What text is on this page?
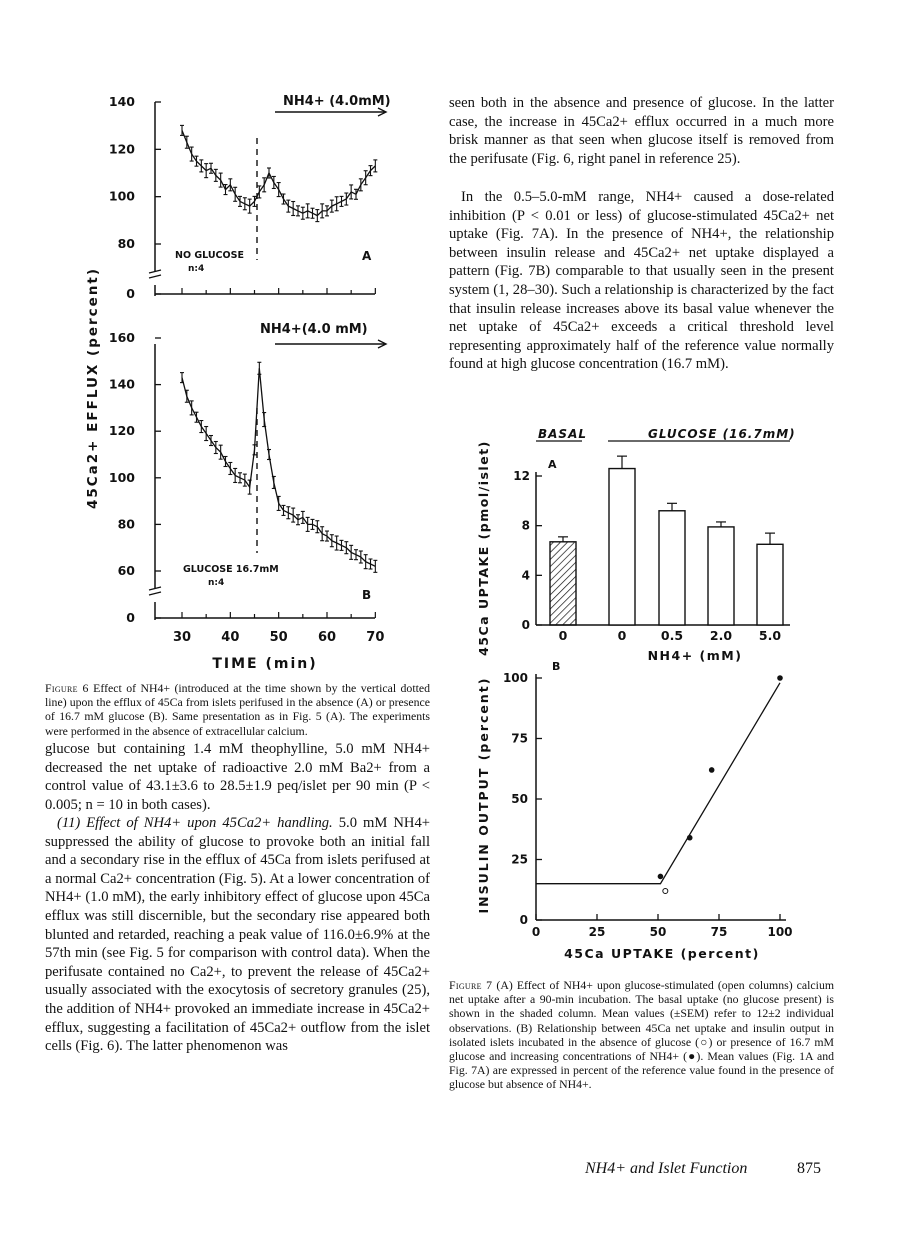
140
120
100
80
0
NH4+ (4.0mM)
NO GLUCOSE
n:4
A
160
140
120
100
80
60
0
30 40 50 60 70
NH4+(4.0 mM)
GLUCOSE 16.7mM
n:4
B
45Ca2+ EFFLUX (percent)
TIME (min)

Figure 6 Effect of NH4+ (introduced at the time shown by the vertical dotted line) upon the efflux of 45Ca from islets perifused in the absence (A) or presence of 16.7 mM glucose (B). Same presentation as in Fig. 5 (A). The experiments were performed in the absence of extracellular calcium.

glucose but containing 1.4 mM theophylline, 5.0 mM NH4+ decreased the net uptake of radioactive 2.0 mM Ba2+ from a control value of 43.1±3.6 to 28.5±1.9 peq/islet per 90 min (P < 0.005; n = 10 in both cases).

(11) Effect of NH4+ upon 45Ca2+ handling. 5.0 mM NH4+ suppressed the ability of glucose to provoke both an initial fall and a secondary rise in the efflux of 45Ca from islets perifused at a normal Ca2+ concentration (Fig. 5). At a lower concentration of NH4+ (1.0 mM), the early inhibitory effect of glucose upon 45Ca efflux was still discernible, but the secondary rise appeared both blunted and retarded, reaching a peak value of 116.0±6.9% at the 57th min (see Fig. 5 for comparison with control data). When the perifusate contained no Ca2+, to prevent the release of 45Ca2+ usually associated with the exocytosis of secretory granules (25), the addition of NH4+ provoked an immediate increase in 45Ca2+ efflux, suggesting a facilitation of 45Ca2+ outflow from the islet cells (Fig. 6). The latter phenomenon was

seen both in the absence and presence of glucose. In the latter case, the increase in 45Ca2+ efflux occurred in a much more brisk manner as that seen when glucose itself is removed from the perifusate (Fig. 6, right panel in reference 25).

In the 0.5–5.0-mM range, NH4+ caused a dose-related inhibition (P < 0.01 or less) of glucose-stimulated 45Ca2+ net uptake (Fig. 7A). In the presence of NH4+, the relationship between insulin release and 45Ca2+ net uptake displayed a pattern (Fig. 7B) comparable to that usually seen in the present system (1, 28–30). Such a relationship is characterized by the fact that insulin release increases above its basal value whenever the net uptake of 45Ca2+ exceeds a critical threshold level representing approximately half of the reference value normally found at high glucose concentration (16.7 mM).

BASAL	GLUCOSE (16.7mM)
A
12
8
4
0
0	0	0.5 2.0 5.0
45Ca UPTAKE (pmol/islet)	NH4+ (mM)
B
100
75
50
25
0
0	25	50	75	100
INSULIN OUTPUT (percent)
45Ca UPTAKE (percent)

Figure 7 (A) Effect of NH4+ upon glucose-stimulated (open columns) calcium net uptake after a 90-min incubation. The basal uptake (no glucose present) is shown in the shaded column. Mean values (±SEM) refer to 12±2 individual observations. (B) Relationship between 45Ca net uptake and insulin output in isolated islets incubated in the absence of glucose (○) or presence of 16.7 mM glucose and increasing concentrations of NH4+ (●). Mean values (Fig. 1A and Fig. 7A) are expressed in percent of the reference value found in the presence of glucose but absence of NH4+.

NH4+ and Islet Function	875
